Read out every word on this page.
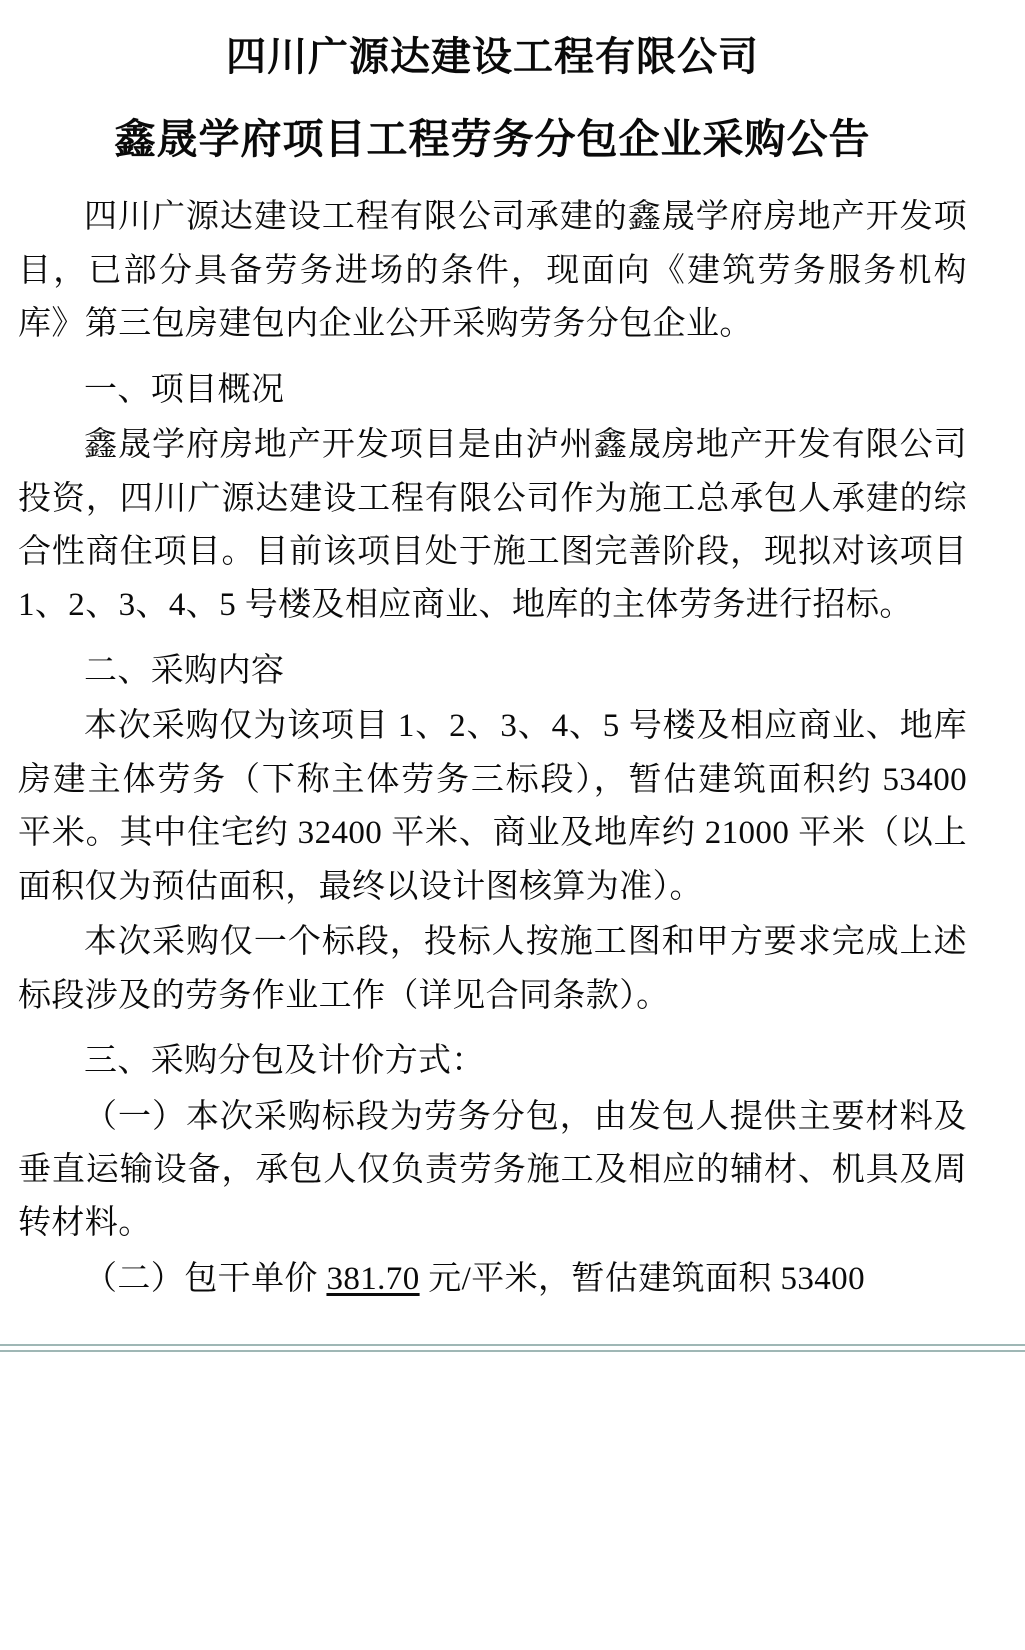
四川广源达建设工程有限公司
鑫晟学府项目工程劳务分包企业采购公告

四川广源达建设工程有限公司承建的鑫晟学府房地产开发项目，已部分具备劳务进场的条件，现面向《建筑劳务服务机构库》第三包房建包内企业公开采购劳务分包企业。

一、项目概况

鑫晟学府房地产开发项目是由泸州鑫晟房地产开发有限公司投资，四川广源达建设工程有限公司作为施工总承包人承建的综合性商住项目。目前该项目处于施工图完善阶段，现拟对该项目 1、2、3、4、5 号楼及相应商业、地库的主体劳务进行招标。

二、采购内容

本次采购仅为该项目 1、2、3、4、5 号楼及相应商业、地库房建主体劳务（下称主体劳务三标段），暂估建筑面积约 53400 平米。其中住宅约 32400 平米、商业及地库约 21000 平米（以上面积仅为预估面积，最终以设计图核算为准）。

本次采购仅一个标段，投标人按施工图和甲方要求完成上述标段涉及的劳务作业工作（详见合同条款）。

三、采购分包及计价方式：

（一）本次采购标段为劳务分包，由发包人提供主要材料及垂直运输设备，承包人仅负责劳务施工及相应的辅材、机具及周转材料。

（二）包干单价 381.70 元/平米，暂估建筑面积 53400
